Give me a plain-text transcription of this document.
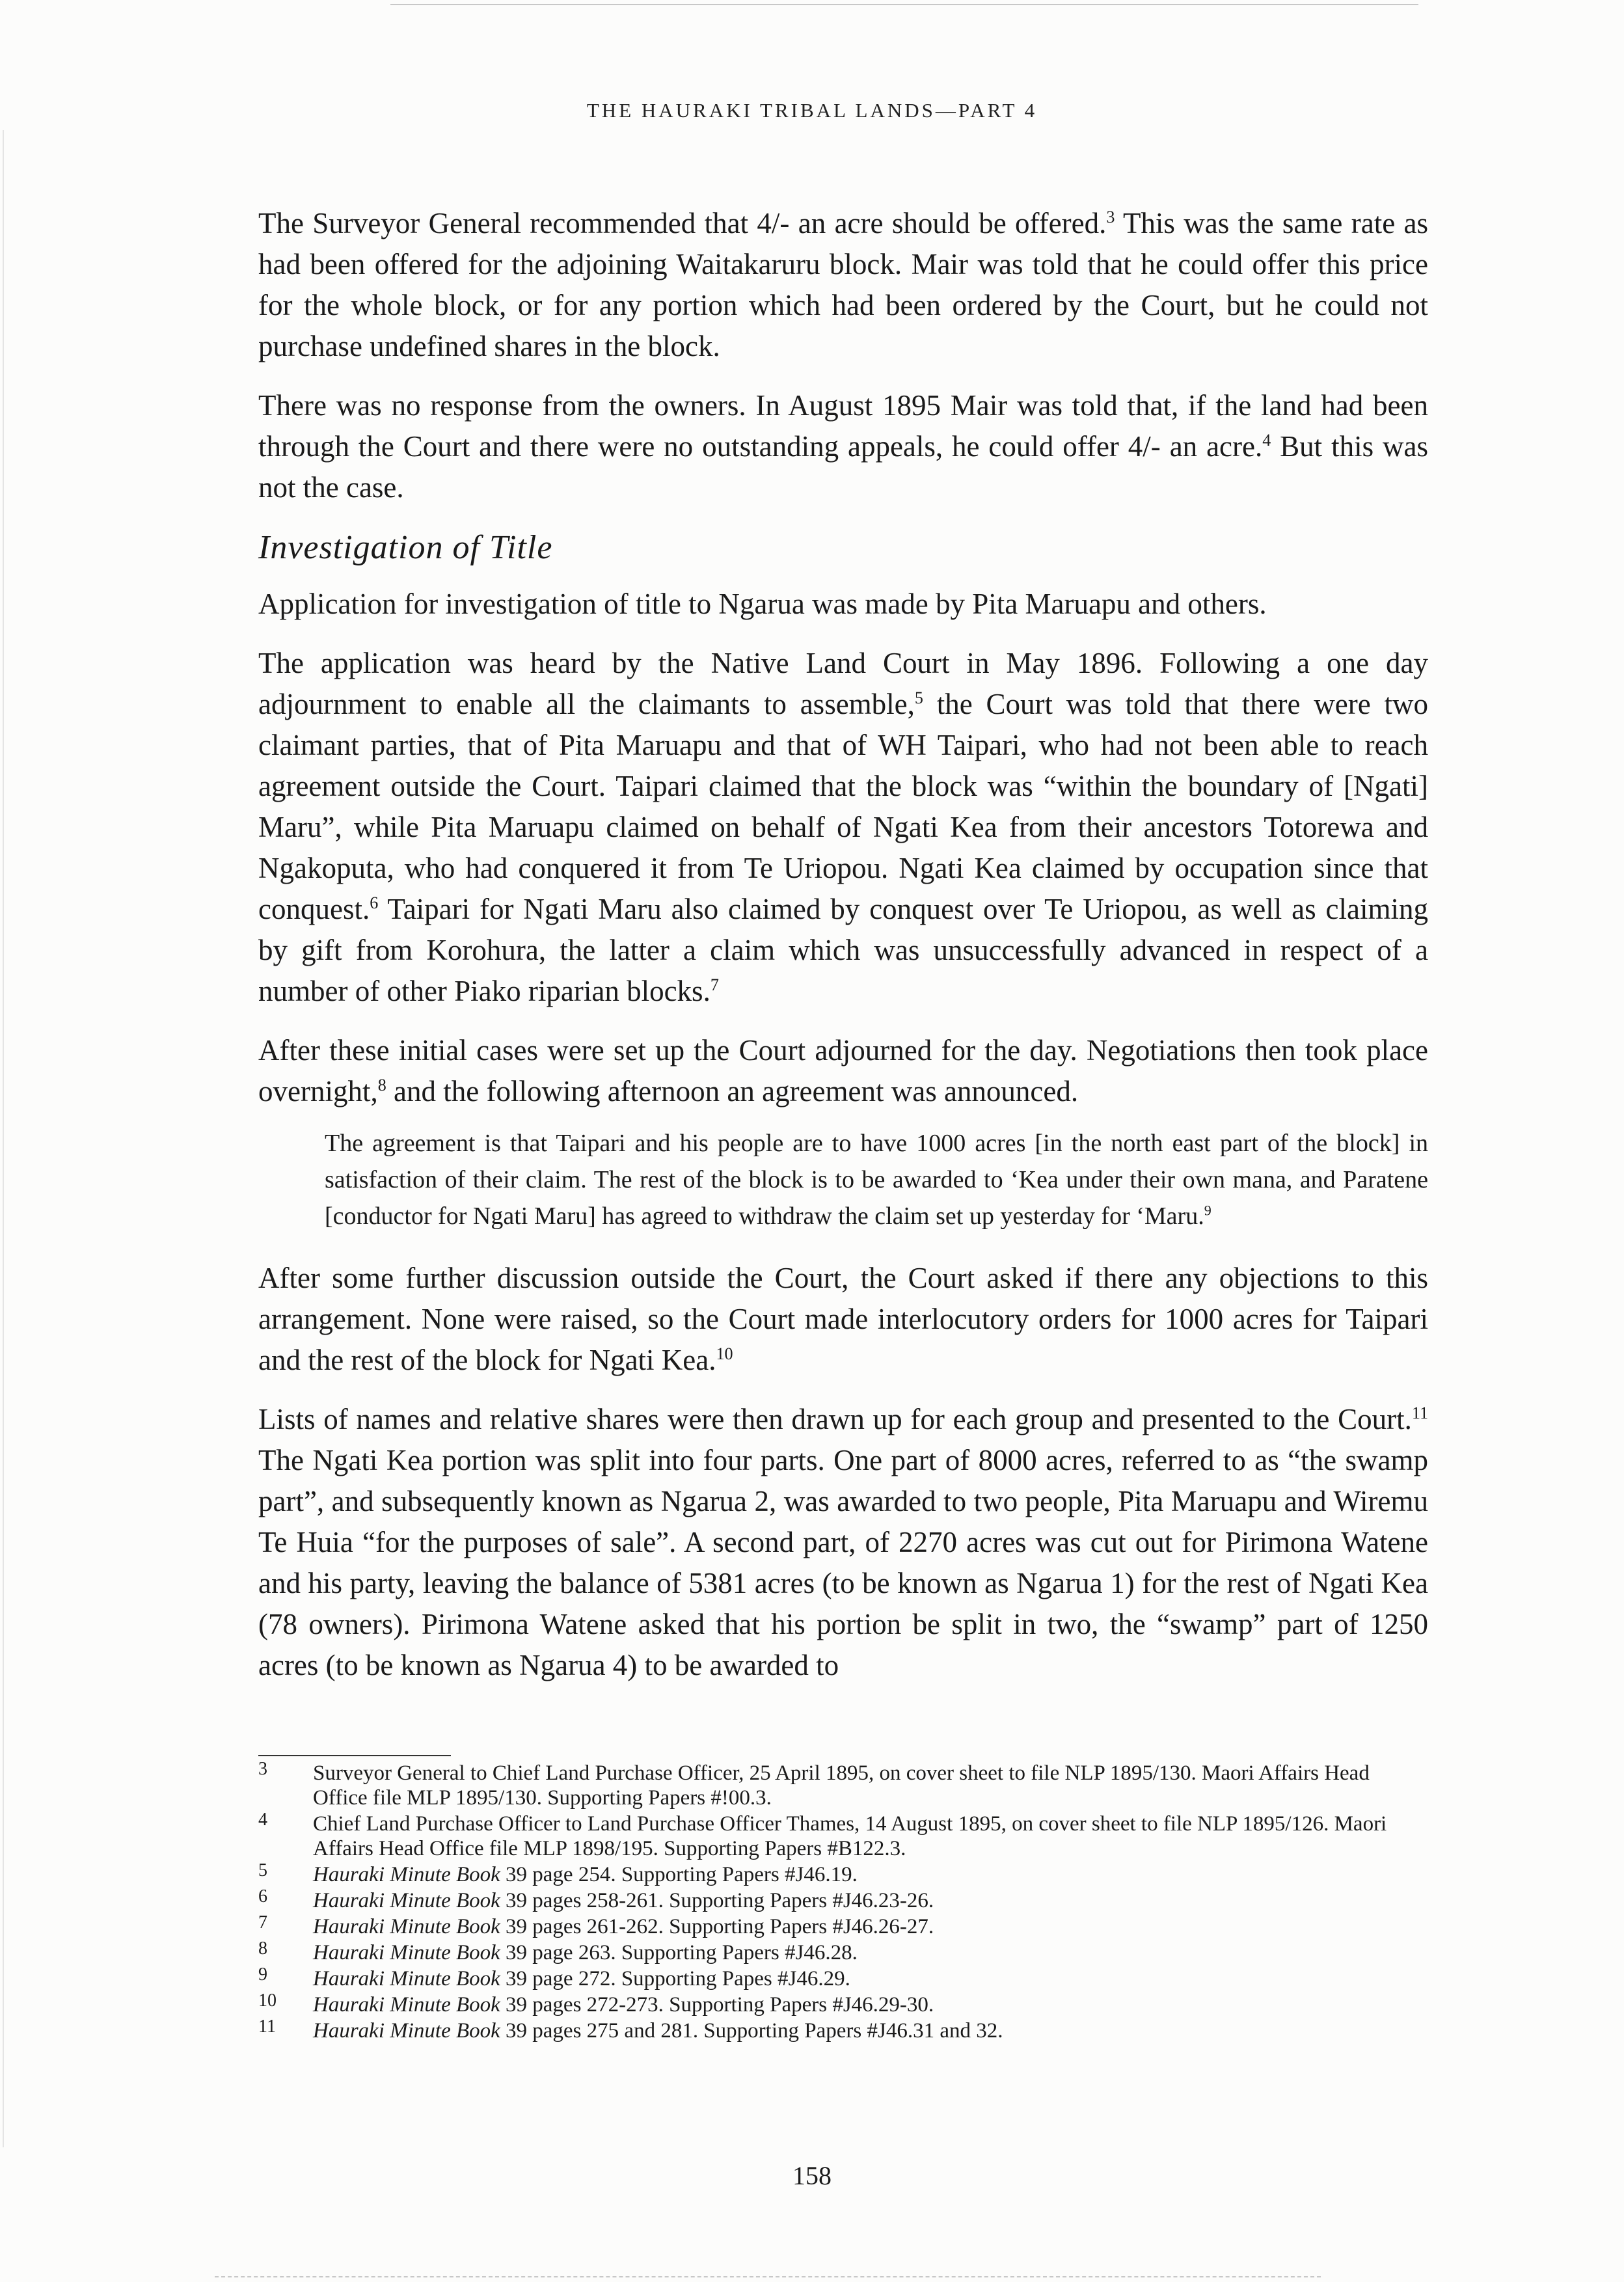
THE HAURAKI TRIBAL LANDS—PART 4

The Surveyor General recommended that 4/- an acre should be offered.$^3$ This was the same rate as had been offered for the adjoining Waitakaruru block. Mair was told that he could offer this price for the whole block, or for any portion which had been ordered by the Court, but he could not purchase undefined shares in the block.

There was no response from the owners. In August 1895 Mair was told that, if the land had been through the Court and there were no outstanding appeals, he could offer 4/- an acre.$^4$ But this was not the case.

Investigation of Title

Application for investigation of title to Ngarua was made by Pita Maruapu and others.

The application was heard by the Native Land Court in May 1896. Following a one day adjournment to enable all the claimants to assemble,$^5$ the Court was told that there were two claimant parties, that of Pita Maruapu and that of WH Taipari, who had not been able to reach agreement outside the Court. Taipari claimed that the block was “within the boundary of [Ngati] Maru”, while Pita Maruapu claimed on behalf of Ngati Kea from their ancestors Totorewa and Ngakoputa, who had conquered it from Te Uriopou. Ngati Kea claimed by occupation since that conquest.$^6$ Taipari for Ngati Maru also claimed by conquest over Te Uriopou, as well as claiming by gift from Korohura, the latter a claim which was unsuccessfully advanced in respect of a number of other Piako riparian blocks.$^7$

After these initial cases were set up the Court adjourned for the day. Negotiations then took place overnight,$^8$ and the following afternoon an agreement was announced.

The agreement is that Taipari and his people are to have 1000 acres [in the north east part of the block] in satisfaction of their claim. The rest of the block is to be awarded to ‘Kea under their own mana, and Paratene [conductor for Ngati Maru] has agreed to withdraw the claim set up yesterday for ‘Maru.$^9$

After some further discussion outside the Court, the Court asked if there any objections to this arrangement. None were raised, so the Court made interlocutory orders for 1000 acres for Taipari and the rest of the block for Ngati Kea.$^{10}$

Lists of names and relative shares were then drawn up for each group and presented to the Court.$^{11}$ The Ngati Kea portion was split into four parts. One part of 8000 acres, referred to as “the swamp part”, and subsequently known as Ngarua 2, was awarded to two people, Pita Maruapu and Wiremu Te Huia “for the purposes of sale”. A second part, of 2270 acres was cut out for Pirimona Watene and his party, leaving the balance of 5381 acres (to be known as Ngarua 1) for the rest of Ngati Kea (78 owners). Pirimona Watene asked that his portion be split in two, the “swamp” part of 1250 acres (to be known as Ngarua 4) to be awarded to

3 Surveyor General to Chief Land Purchase Officer, 25 April 1895, on cover sheet to file NLP 1895/130. Maori Affairs Head Office file MLP 1895/130. Supporting Papers #!00.3.
4 Chief Land Purchase Officer to Land Purchase Officer Thames, 14 August 1895, on cover sheet to file NLP 1895/126. Maori Affairs Head Office file MLP 1898/195. Supporting Papers #B122.3.
5 Hauraki Minute Book 39 page 254. Supporting Papers #J46.19.
6 Hauraki Minute Book 39 pages 258-261. Supporting Papers #J46.23-26.
7 Hauraki Minute Book 39 pages 261-262. Supporting Papers #J46.26-27.
8 Hauraki Minute Book 39 page 263. Supporting Papers #J46.28.
9 Hauraki Minute Book 39 page 272. Supporting Papes #J46.29.
10 Hauraki Minute Book 39 pages 272-273. Supporting Papers #J46.29-30.
11 Hauraki Minute Book 39 pages 275 and 281. Supporting Papers #J46.31 and 32.
158
